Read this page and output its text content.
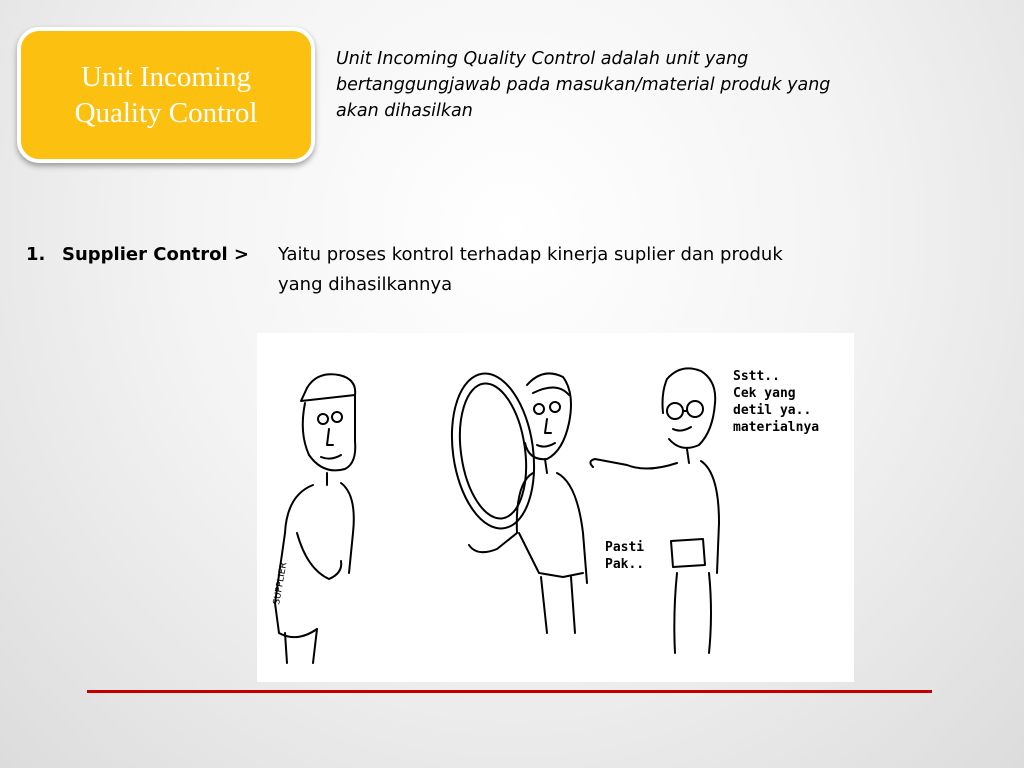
Unit Incoming
Quality Control
Unit Incoming Quality Control adalah unit yang
bertanggungjawab pada masukan/material produk yang
akan dihasilkan
1. Supplier Control > Yaitu proses kontrol terhadap kinerja suplier dan produk
yang dihasilkannya
SUPPLIER
Sstt..
Cek yang
detil ya..
materialnya
Pasti
Pak..
